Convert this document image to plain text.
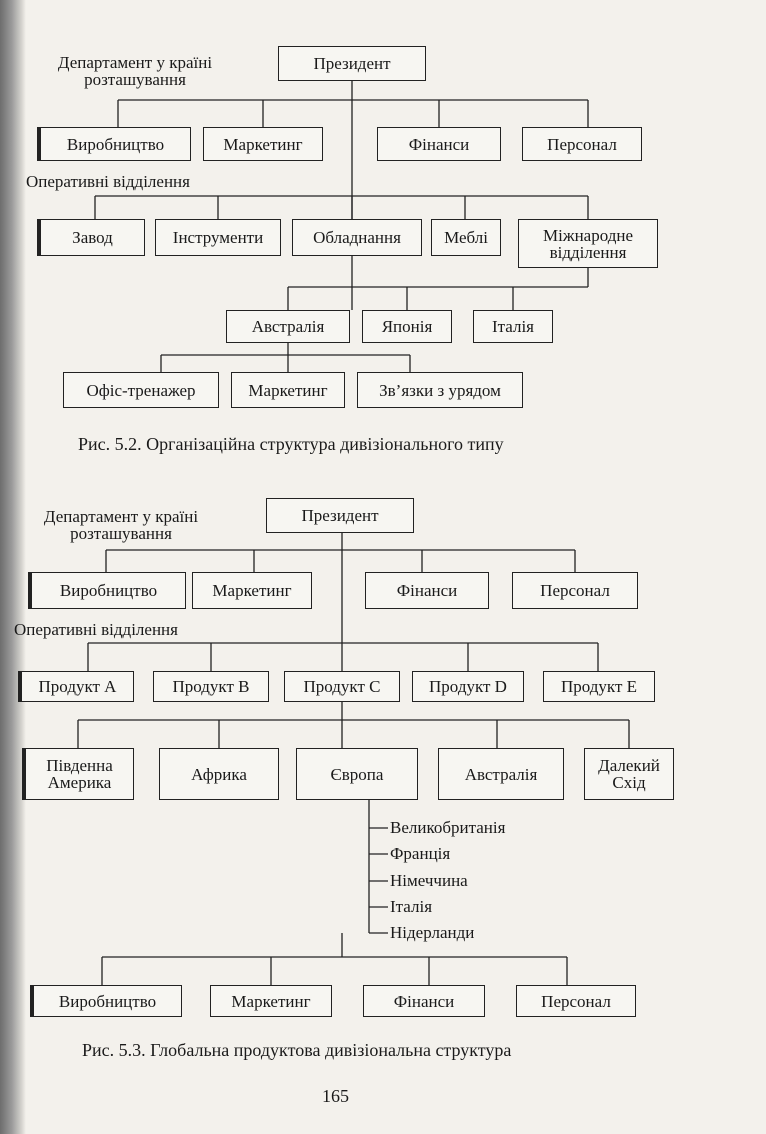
Департамент у країні
розташування
Президент
Виробництво	Маркетинг	Фінанси	Персонал
Оперативні відділення
Завод	Інструменти	Обладнання	Меблі	Міжнародне
відділення
Австралія	Японія	Італія
Офіс-тренажер	Маркетинг	Зв’язки з урядом
Рис. 5.2. Організаційна структура дивізіонального типу
Департамент у країні
розташування
Президент
Виробництво	Маркетинг	Фінанси	Персонал
Оперативні відділення
Продукт А	Продукт В	Продукт С	Продукт D	Продукт Е
Південна
Америка	Африка	Європа	Австралія	Далекий
Схід
Великобританія
Франція
Німеччина
Італія
Нідерланди
Виробництво	Маркетинг	Фінанси	Персонал
Рис. 5.3. Глобальна продуктова дивізіональна структура
165
